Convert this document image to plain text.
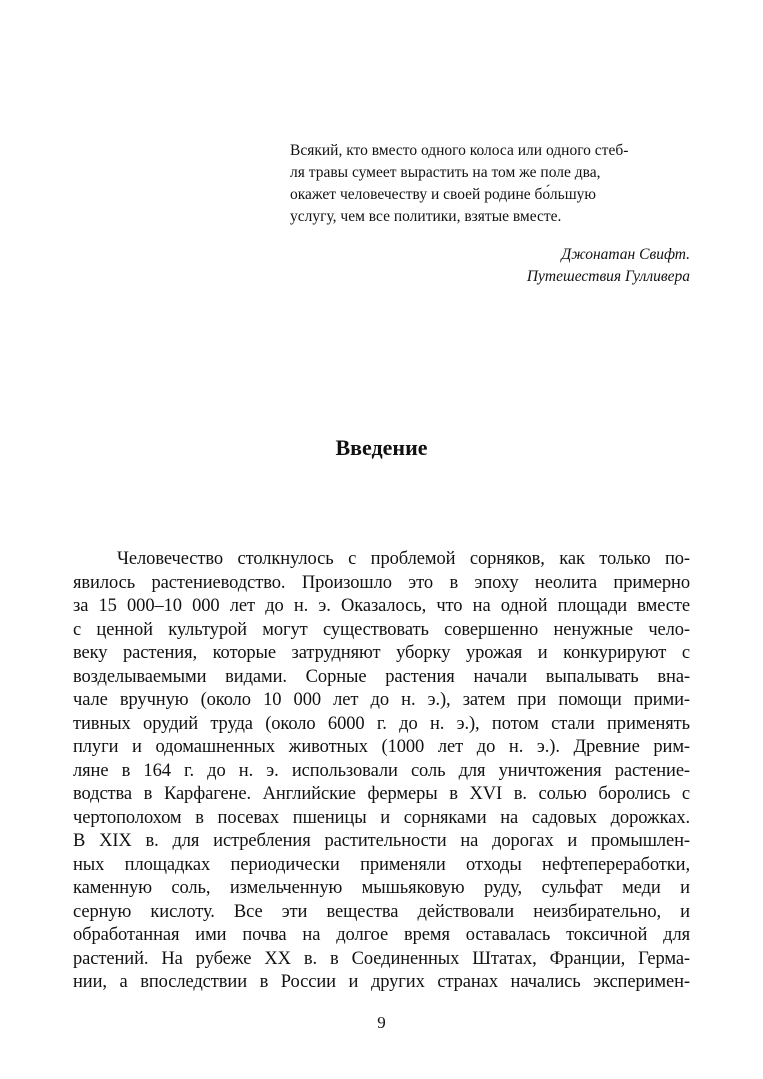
Всякий, кто вместо одного колоса или одного стеб-
ля травы сумеет вырастить на том же поле два,
окажет человечеству и своей родине бо́льшую
услугу, чем все политики, взятые вместе.
Джонатан Свифт.
Путешествия Гулливера
Введение
Человечество столкнулось с проблемой сорняков, как только по-
явилось растениеводство. Произошло это в эпоху неолита примерно
за 15 000–10 000 лет до н. э. Оказалось, что на одной площади вместе
с ценной культурой могут существовать совершенно ненужные чело-
веку растения, которые затрудняют уборку урожая и конкурируют с
возделываемыми видами. Сорные растения начали выпалывать вна-
чале вручную (около 10 000 лет до н. э.), затем при помощи прими-
тивных орудий труда (около 6000 г. до н. э.), потом стали применять
плуги и одомашненных животных (1000 лет до н. э.). Древние рим-
ляне в 164 г. до н. э. использовали соль для уничтожения растение-
водства в Карфагене. Английские фермеры в XVI в. солью боролись с
чертополохом в посевах пшеницы и сорняками на садовых дорожках.
В XIX в. для истребления растительности на дорогах и промышлен-
ных площадках периодически применяли отходы нефтепереработки,
каменную соль, измельченную мышьяковую руду, сульфат меди и
серную кислоту. Все эти вещества действовали неизбирательно, и
обработанная ими почва на долгое время оставалась токсичной для
растений. На рубеже XX в. в Соединенных Штатах, Франции, Герма-
нии, а впоследствии в России и других странах начались эксперимен-
9
